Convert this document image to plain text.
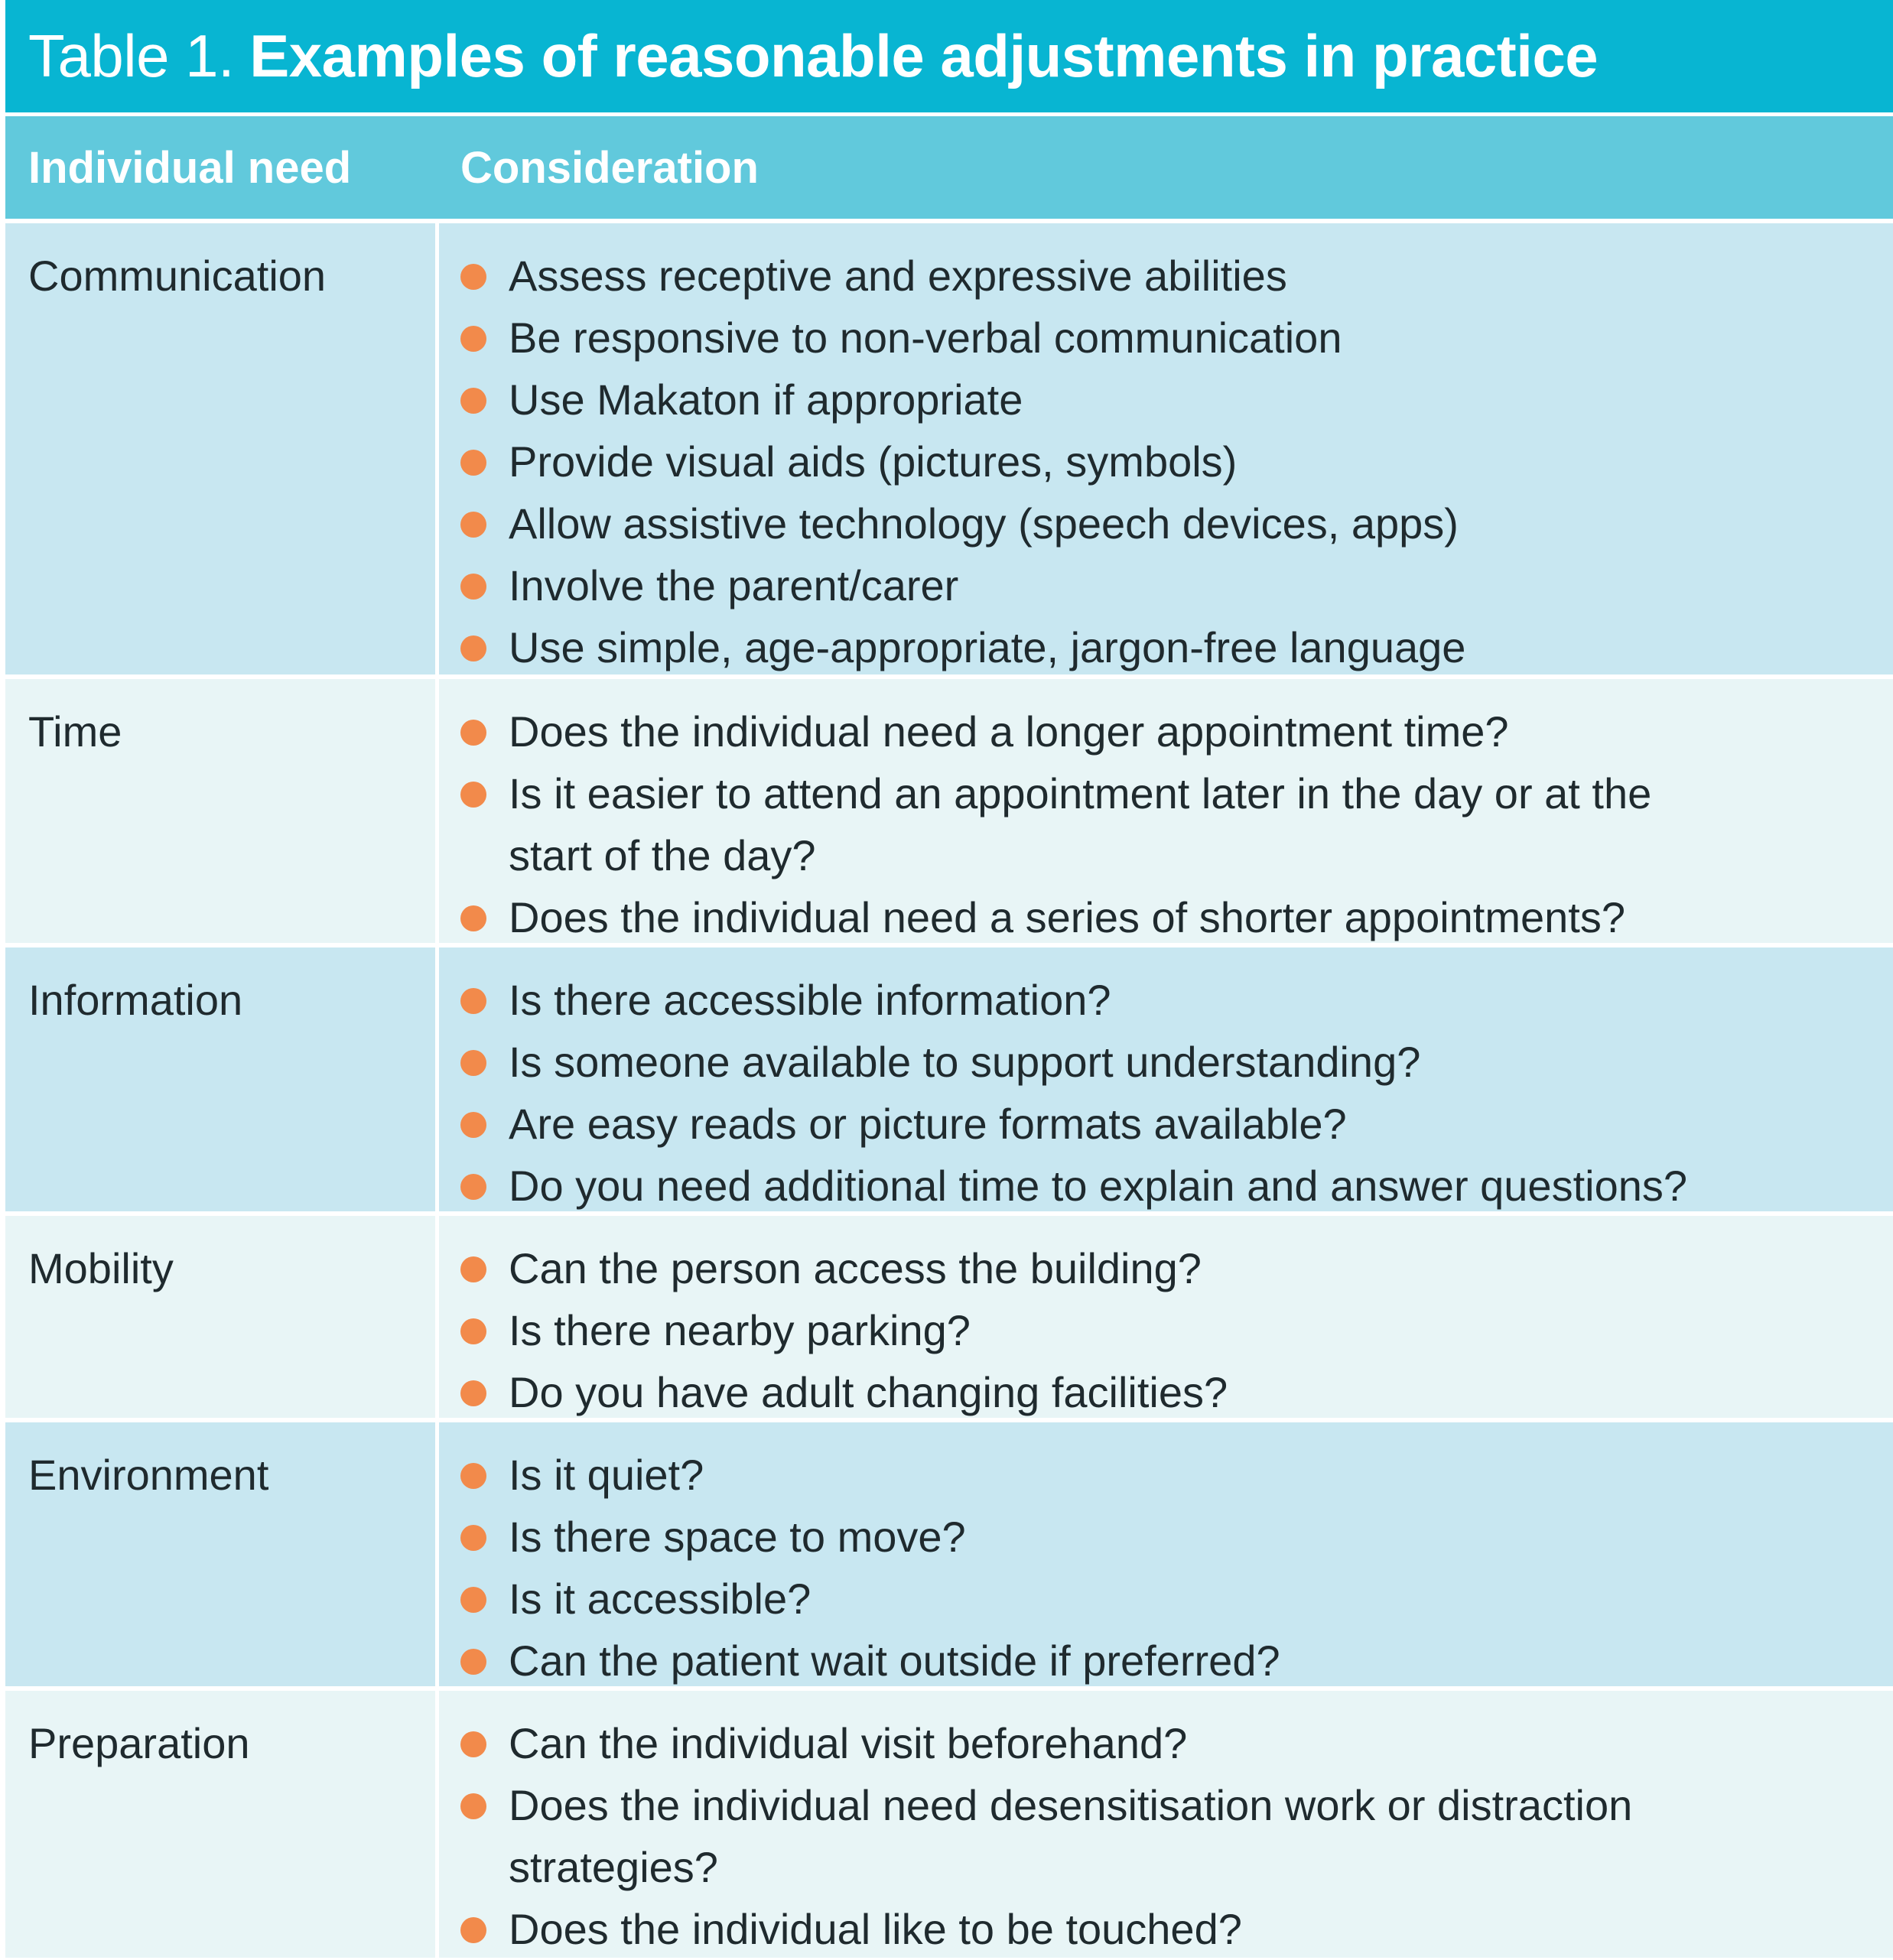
Table 1. Examples of reasonable adjustments in practice
Individual need Consideration
Communication	Assess receptive and expressive abilities
Be responsive to non-verbal communication
Use Makaton if appropriate
Provide visual aids (pictures, symbols)
Allow assistive technology (speech devices, apps)
Involve the parent/carer
Use simple, age-appropriate, jargon-free language
Time	Does the individual need a longer appointment time?
Is it easier to attend an appointment later in the day or at the
start of the day?
Does the individual need a series of shorter appointments?
Information	Is there accessible information?
Is someone available to support understanding?
Are easy reads or picture formats available?
Do you need additional time to explain and answer questions?
Mobility	Can the person access the building?
Is there nearby parking?
Do you have adult changing facilities?
Environment	Is it quiet?
Is there space to move?
Is it accessible?
Can the patient wait outside if preferred?
Preparation	Can the individual visit beforehand?
Does the individual need desensitisation work or distraction
strategies?
Does the individual like to be touched?
